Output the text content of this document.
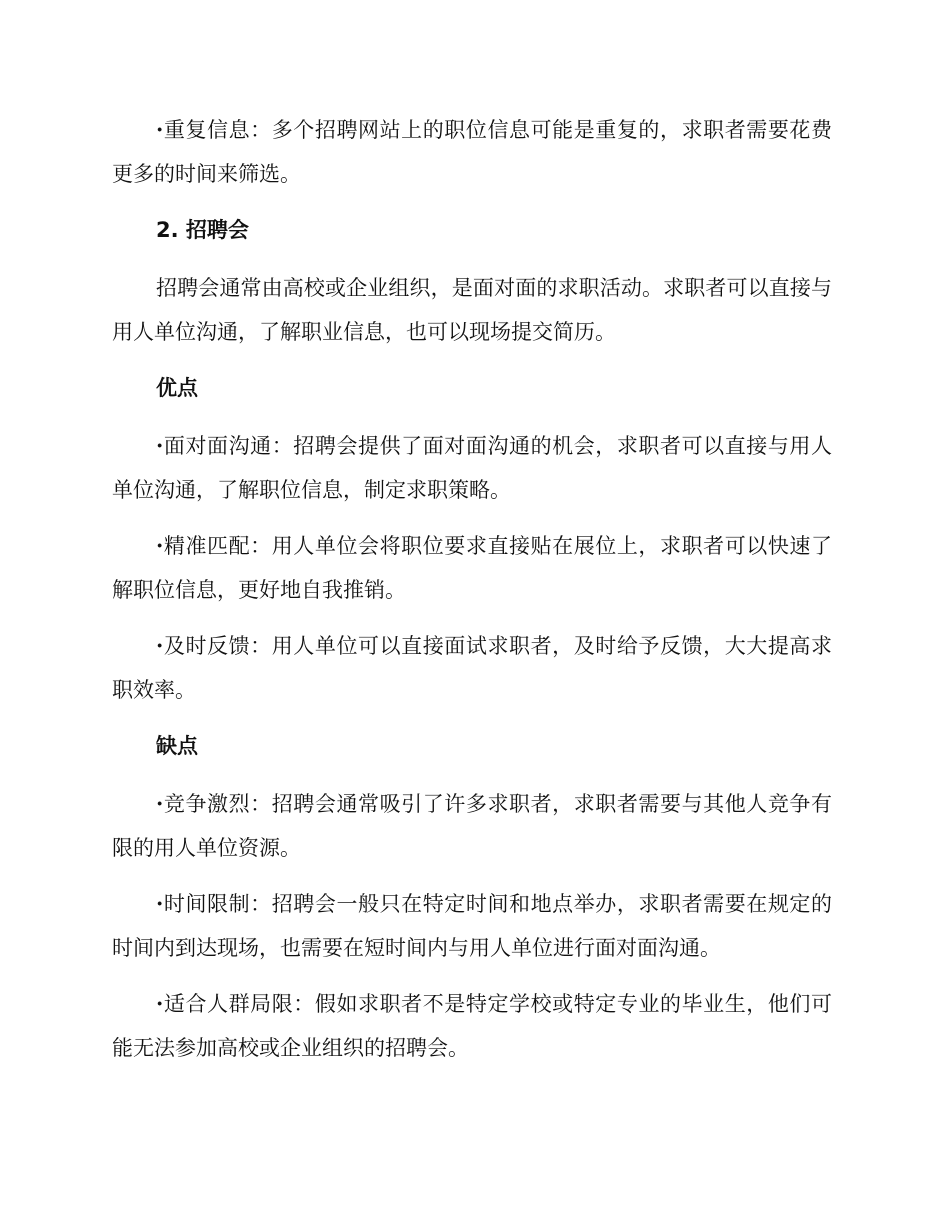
·重复信息：多个招聘网站上的职位信息可能是重复的，求职者需要花费更多的时间来筛选。

2. 招聘会

招聘会通常由高校或企业组织，是面对面的求职活动。求职者可以直接与用人单位沟通，了解职业信息，也可以现场提交简历。

优点

·面对面沟通：招聘会提供了面对面沟通的机会，求职者可以直接与用人单位沟通，了解职位信息，制定求职策略。

·精准匹配：用人单位会将职位要求直接贴在展位上，求职者可以快速了解职位信息，更好地自我推销。

·及时反馈：用人单位可以直接面试求职者，及时给予反馈，大大提高求职效率。

缺点

·竞争激烈：招聘会通常吸引了许多求职者，求职者需要与其他人竞争有限的用人单位资源。

·时间限制：招聘会一般只在特定时间和地点举办，求职者需要在规定的时间内到达现场，也需要在短时间内与用人单位进行面对面沟通。

·适合人群局限：假如求职者不是特定学校或特定专业的毕业生，他们可能无法参加高校或企业组织的招聘会。
